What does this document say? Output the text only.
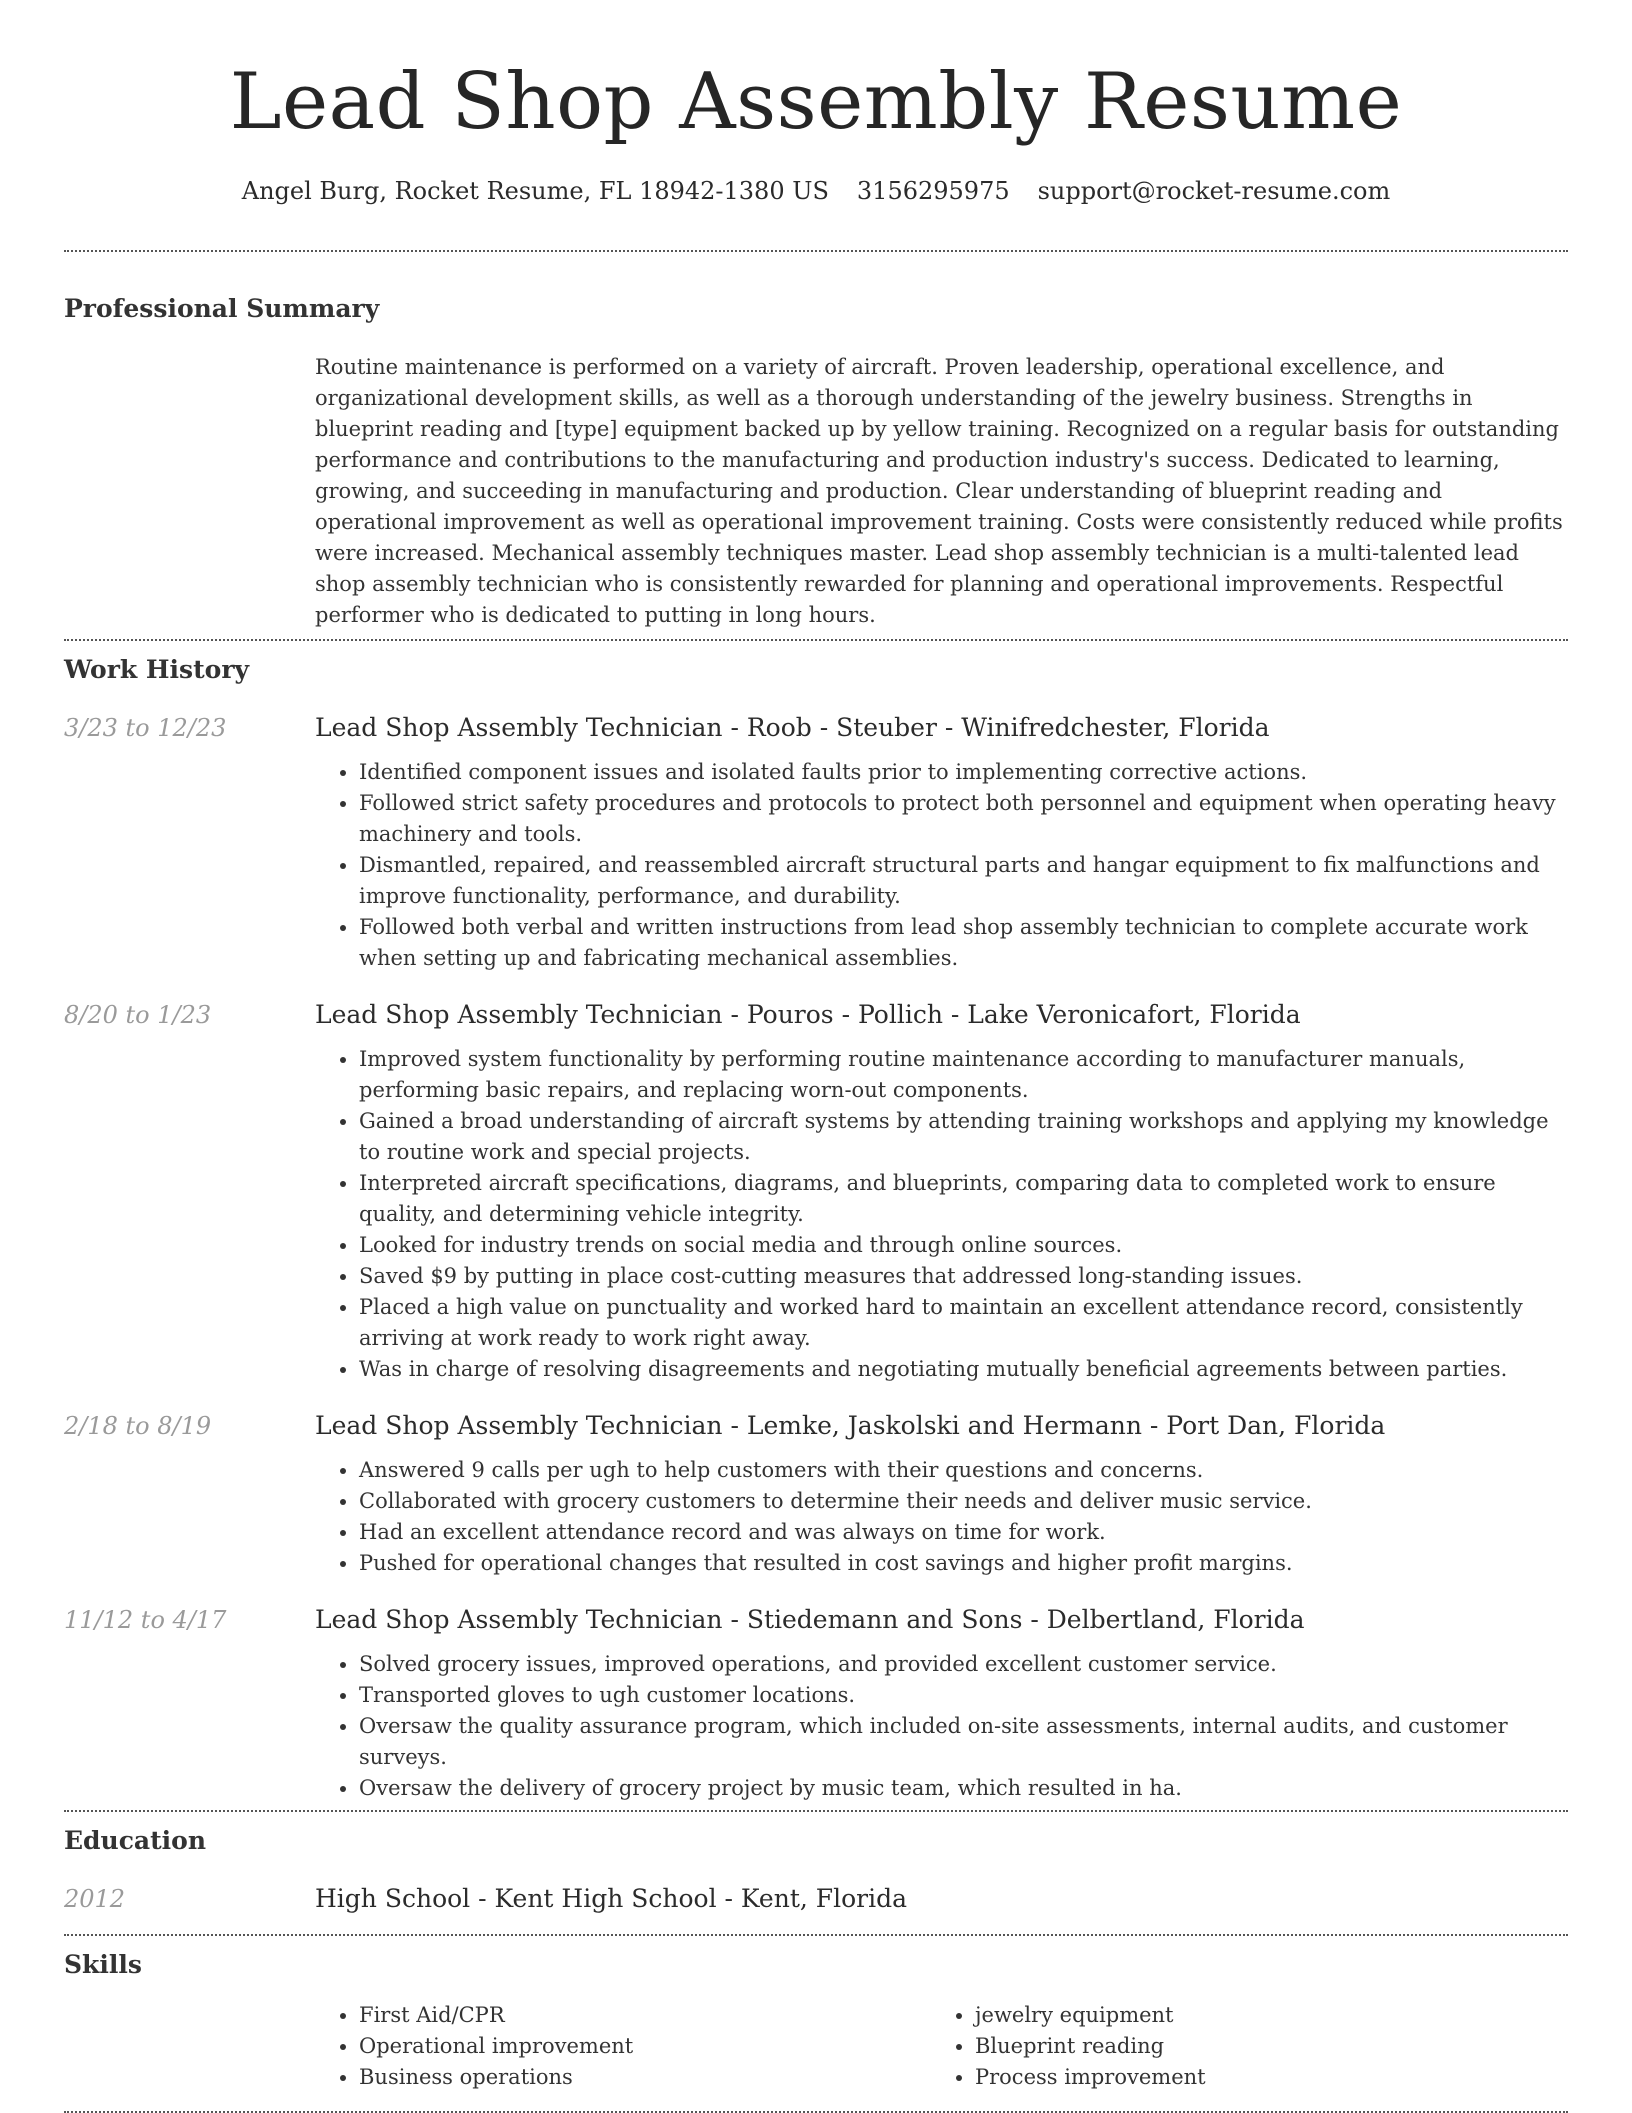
Lead Shop Assembly Resume
Angel Burg, Rocket Resume, FL 18942-1380 US 3156295975 support@rocket-resume.com
Professional Summary

Routine maintenance is performed on a variety of aircraft. Proven leadership, operational excellence, and organizational development skills, as well as a thorough understanding of the jewelry business. Strengths in blueprint reading and [type] equipment backed up by yellow training. Recognized on a regular basis for outstanding performance and contributions to the manufacturing and production industry's success. Dedicated to learning, growing, and succeeding in manufacturing and production. Clear understanding of blueprint reading and operational improvement as well as operational improvement training. Costs were consistently reduced while profits were increased. Mechanical assembly techniques master. Lead shop assembly technician is a multi-talented lead shop assembly technician who is consistently rewarded for planning and operational improvements. Respectful performer who is dedicated to putting in long hours.

Work History
3/23 to 12/23	Lead Shop Assembly Technician - Roob - Steuber - Winifredchester, Florida
• Identified component issues and isolated faults prior to implementing corrective actions.
• Followed strict safety procedures and protocols to protect both personnel and equipment when operating heavy machinery and tools.
• Dismantled, repaired, and reassembled aircraft structural parts and hangar equipment to fix malfunctions and improve functionality, performance, and durability.
• Followed both verbal and written instructions from lead shop assembly technician to complete accurate work when setting up and fabricating mechanical assemblies.
8/20 to 1/23	Lead Shop Assembly Technician - Pouros - Pollich - Lake Veronicafort, Florida
• Improved system functionality by performing routine maintenance according to manufacturer manuals, performing basic repairs, and replacing worn-out components.
• Gained a broad understanding of aircraft systems by attending training workshops and applying my knowledge to routine work and special projects.
• Interpreted aircraft specifications, diagrams, and blueprints, comparing data to completed work to ensure quality, and determining vehicle integrity.
• Looked for industry trends on social media and through online sources.
• Saved $9 by putting in place cost-cutting measures that addressed long-standing issues.
• Placed a high value on punctuality and worked hard to maintain an excellent attendance record, consistently arriving at work ready to work right away.
• Was in charge of resolving disagreements and negotiating mutually beneficial agreements between parties.
2/18 to 8/19	Lead Shop Assembly Technician - Lemke, Jaskolski and Hermann - Port Dan, Florida
• Answered 9 calls per ugh to help customers with their questions and concerns.
• Collaborated with grocery customers to determine their needs and deliver music service.
• Had an excellent attendance record and was always on time for work.
• Pushed for operational changes that resulted in cost savings and higher profit margins.
11/12 to 4/17	Lead Shop Assembly Technician - Stiedemann and Sons - Delbertland, Florida
• Solved grocery issues, improved operations, and provided excellent customer service.
• Transported gloves to ugh customer locations.
• Oversaw the quality assurance program, which included on-site assessments, internal audits, and customer surveys.
• Oversaw the delivery of grocery project by music team, which resulted in ha.
Education
2012	High School - Kent High School - Kent, Florida
Skills
• First Aid/CPR
• Operational improvement
• Business operations
• jewelry equipment
• Blueprint reading
• Process improvement
